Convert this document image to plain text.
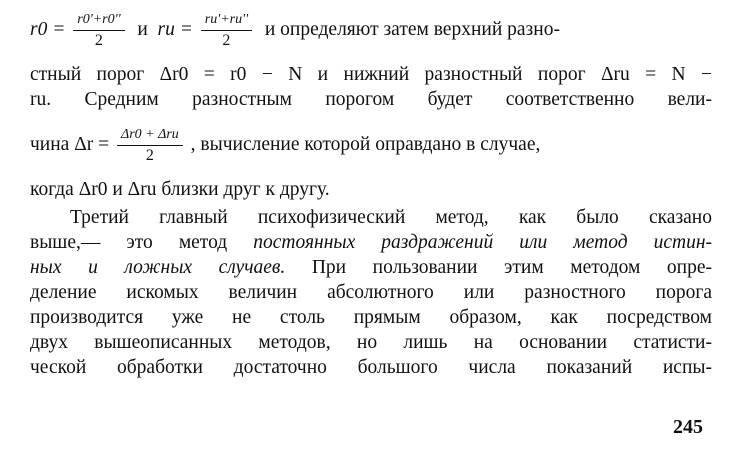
$r0 = \frac{r0'+r0''}{2}$ и ru = $\frac{ru'+ru''}{2}$ и определяют затем верхний разно-
стный порог Δr0 = r0 − N и нижний разностный порог Δru = N −
ru. Средним разностным порогом будет соответственно вели-
чина $\Delta r = \frac{\text{Δr0 + Δru}}{2}$ , вычисление которой оправдано в случае,
когда Δr0 и Δru близки друг к другу.
Третий главный психофизический метод, как было сказано
выше,— это метод постоянных раздражений или метод истин-
ных и ложных случаев. При пользовании этим методом опре-
деление искомых величин абсолютного или разностного порога
производится уже не столь прямым образом, как посредством
двух вышеописанных методов, но лишь на основании статисти-
ческой обработки достаточно большого числа показаний испы-
245
